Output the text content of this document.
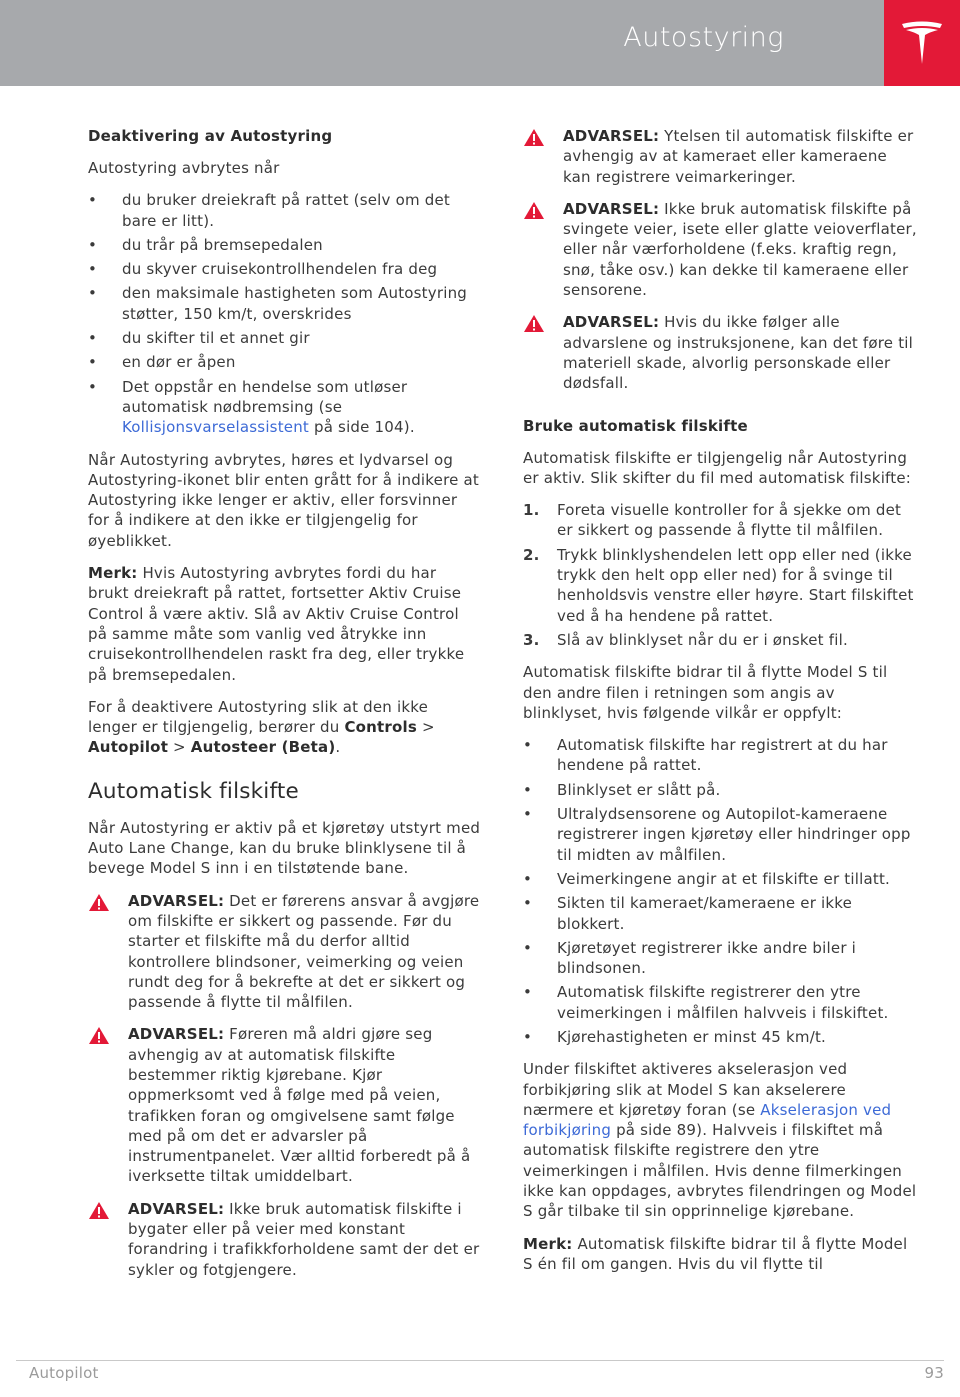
Autostyring
Deaktivering av Autostyring

Autostyring avbrytes når

• du bruker dreiekraft på rattet (selv om det bare er litt).
• du trår på bremsepedalen
• du skyver cruisekontrollhendelen fra deg
• den maksimale hastigheten som Autostyring støtter, 150 km/t, overskrides
• du skifter til et annet gir
• en dør er åpen
• Det oppstår en hendelse som utløser automatisk nødbremsing (se Kollisjonsvarselassistent på side 104).

Når Autostyring avbrytes, høres et lydvarsel og Autostyring-ikonet blir enten grått for å indikere at Autostyring ikke lenger er aktiv, eller forsvinner for å indikere at den ikke er tilgjengelig for øyeblikket.

Merk: Hvis Autostyring avbrytes fordi du har brukt dreiekraft på rattet, fortsetter Aktiv Cruise Control å være aktiv. Slå av Aktiv Cruise Control på samme måte som vanlig ved åtrykke inn cruisekontrollhendelen raskt fra deg, eller trykke på bremsepedalen.

For å deaktivere Autostyring slik at den ikke lenger er tilgjengelig, berører du Controls > Autopilot > Autosteer (Beta).

Automatisk filskifte

Når Autostyring er aktiv på et kjøretøy utstyrt med Auto Lane Change, kan du bruke blinklysene til å bevege Model S inn i en tilstøtende bane.

ADVARSEL: Det er førerens ansvar å avgjøre om filskifte er sikkert og passende. Før du starter et filskifte må du derfor alltid kontrollere blindsoner, veimerking og veien rundt deg for å bekrefte at det er sikkert og passende å flytte til målfilen.
ADVARSEL: Føreren må aldri gjøre seg avhengig av at automatisk filskifte bestemmer riktig kjørebane. Kjør oppmerksomt ved å følge med på veien, trafikken foran og omgivelsene samt følge med på om det er advarsler på instrumentpanelet. Vær alltid forberedt på å iverksette tiltak umiddelbart.
ADVARSEL: Ikke bruk automatisk filskifte i bygater eller på veier med konstant forandring i trafikkforholdene samt der det er sykler og fotgjengere.
ADVARSEL: Ytelsen til automatisk filskifte er avhengig av at kameraet eller kameraene kan registrere veimarkeringer.
ADVARSEL: Ikke bruk automatisk filskifte på svingete veier, isete eller glatte veioverflater, eller når værforholdene (f.eks. kraftig regn, snø, tåke osv.) kan dekke til kameraene eller sensorene.
ADVARSEL: Hvis du ikke følger alle advarslene og instruksjonene, kan det føre til materiell skade, alvorlig personskade eller dødsfall.
Bruke automatisk filskifte

Automatisk filskifte er tilgjengelig når Autostyring er aktiv. Slik skifter du fil med automatisk filskifte:

1. Foreta visuelle kontroller for å sjekke om det er sikkert og passende å flytte til målfilen.
2. Trykk blinklyshendelen lett opp eller ned (ikke trykk den helt opp eller ned) for å svinge til henholdsvis venstre eller høyre. Start filskiftet ved å ha hendene på rattet.
3. Slå av blinklyset når du er i ønsket fil.

Automatisk filskifte bidrar til å flytte Model S til den andre filen i retningen som angis av blinklyset, hvis følgende vilkår er oppfylt:

• Automatisk filskifte har registrert at du har hendene på rattet.
• Blinklyset er slått på.
• Ultralydsensorene og Autopilot-kameraene registrerer ingen kjøretøy eller hindringer opp til midten av målfilen.
• Veimerkingene angir at et filskifte er tillatt.
• Sikten til kameraet/kameraene er ikke blokkert.
• Kjøretøyet registrerer ikke andre biler i blindsonen.
• Automatisk filskifte registrerer den ytre veimerkingen i målfilen halvveis i filskiftet.
• Kjørehastigheten er minst 45 km/t.

Under filskiftet aktiveres akselerasjon ved forbikjøring slik at Model S kan akselerere nærmere et kjøretøy foran (se Akselerasjon ved forbikjøring på side 89). Halvveis i filskiftet må automatisk filskifte registrere den ytre veimerkingen i målfilen. Hvis denne filmerkingen ikke kan oppdages, avbrytes filendringen og Model S går tilbake til sin opprinnelige kjørebane.

Merk: Automatisk filskifte bidrar til å flytte Model S én fil om gangen. Hvis du vil flytte til

Autopilot	93
